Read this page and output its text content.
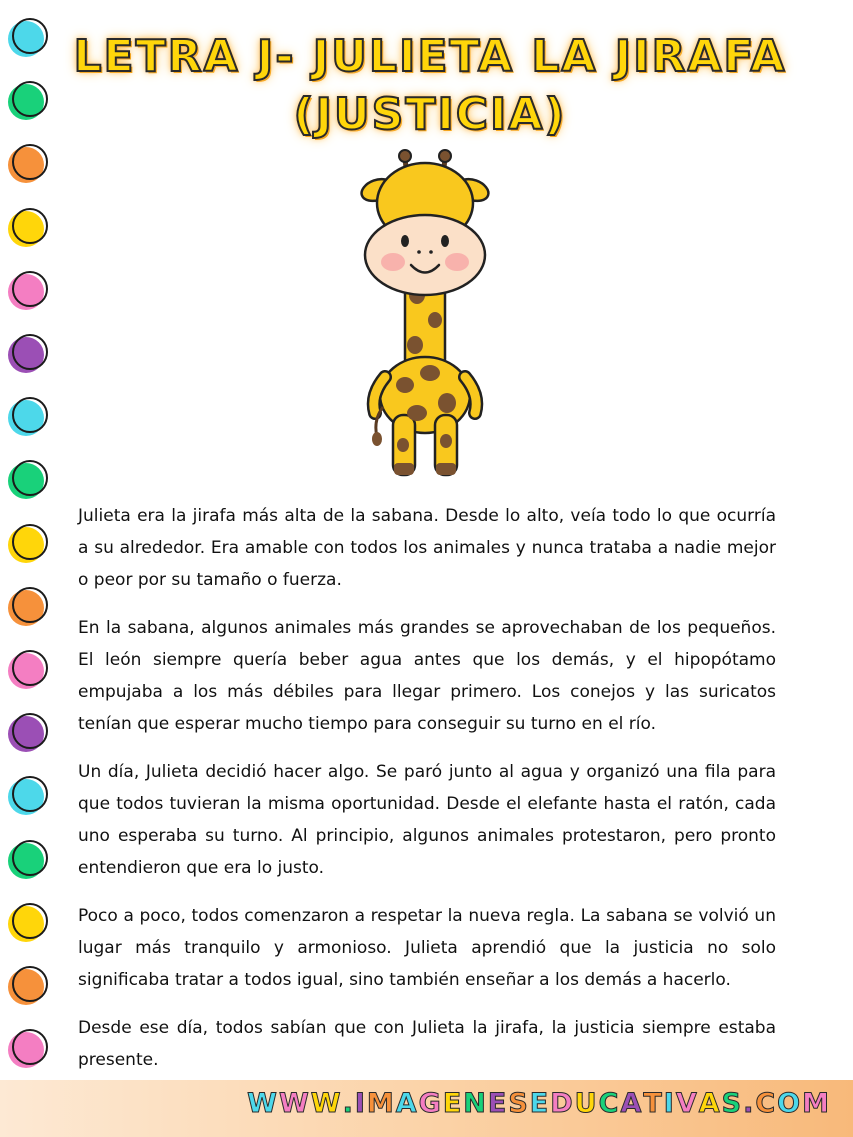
LETRA J- JULIETA LA JIRAFA
(JUSTICIA)

Julieta era la jirafa más alta de la sabana. Desde lo alto, veía todo lo que ocurría a su alrededor. Era amable con todos los animales y nunca trataba a nadie mejor o peor por su tamaño o fuerza.

En la sabana, algunos animales más grandes se aprovechaban de los pequeños. El león siempre quería beber agua antes que los demás, y el hipopótamo empujaba a los más débiles para llegar primero. Los conejos y las suricatos tenían que esperar mucho tiempo para conseguir su turno en el río.

Un día, Julieta decidió hacer algo. Se paró junto al agua y organizó una fila para que todos tuvieran la misma oportunidad. Desde el elefante hasta el ratón, cada uno esperaba su turno. Al principio, algunos animales protestaron, pero pronto entendieron que era lo justo.

Poco a poco, todos comenzaron a respetar la nueva regla. La sabana se volvió un lugar más tranquilo y armonioso. Julieta aprendió que la justicia no solo significaba tratar a todos igual, sino también enseñar a los demás a hacerlo.

Desde ese día, todos sabían que con Julieta la jirafa, la justicia siempre estaba presente.

WWW.IMAGENESEDUCATIVAS.COM
